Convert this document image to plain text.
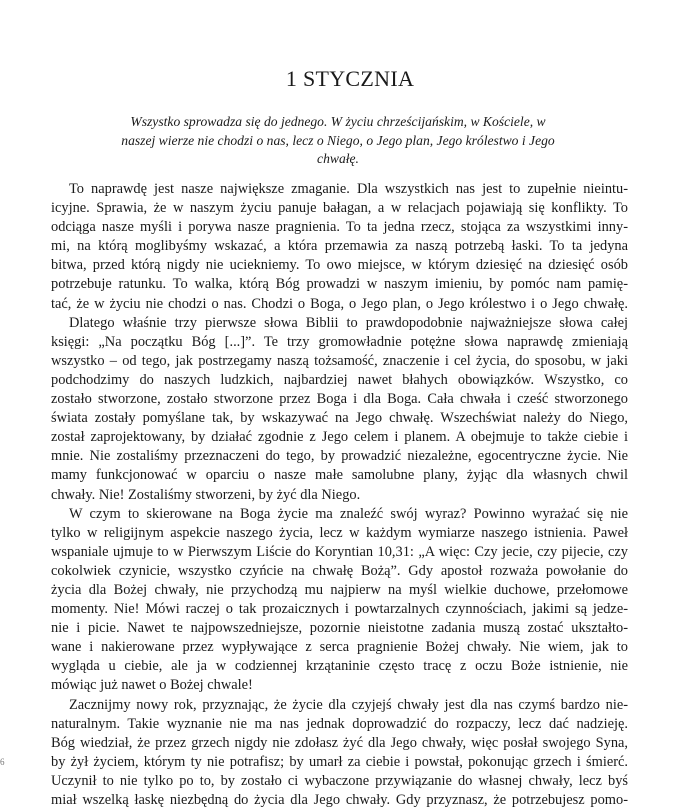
1 STYCZNIA

Wszystko sprowadza się do jednego. W życiu chrześcijańskim, w Kościele, w
naszej wierze nie chodzi o nas, lecz o Niego, o Jego plan, Jego królestwo i Jego
chwałę.

To naprawdę jest nasze największe zmaganie. Dla wszystkich nas jest to zupełnie nieintu-
icyjne. Sprawia, że w naszym życiu panuje bałagan, a w relacjach pojawiają się konflikty. To
odciąga nasze myśli i porywa nasze pragnienia. To ta jedna rzecz, stojąca za wszystkimi inny-
mi, na którą moglibyśmy wskazać, a która przemawia za naszą potrzebą łaski. To ta jedyna
bitwa, przed którą nigdy nie uciekniemy. To owo miejsce, w którym dziesięć na dziesięć osób
potrzebuje ratunku. To walka, którą Bóg prowadzi w naszym imieniu, by pomóc nam pamię-
tać, że w życiu nie chodzi o nas. Chodzi o Boga, o Jego plan, o Jego królestwo i o Jego chwałę.
Dlatego właśnie trzy pierwsze słowa Biblii to prawdopodobnie najważniejsze słowa całej
księgi: „Na początku Bóg [...]”. Te trzy gromowładnie potężne słowa naprawdę zmieniają
wszystko – od tego, jak postrzegamy naszą tożsamość, znaczenie i cel życia, do sposobu, w jaki
podchodzimy do naszych ludzkich, najbardziej nawet błahych obowiązków. Wszystko, co
zostało stworzone, zostało stworzone przez Boga i dla Boga. Cała chwała i cześć stworzonego
świata zostały pomyślane tak, by wskazywać na Jego chwałę. Wszechświat należy do Niego,
został zaprojektowany, by działać zgodnie z Jego celem i planem. A obejmuje to także ciebie i
mnie. Nie zostaliśmy przeznaczeni do tego, by prowadzić niezależne, egocentryczne życie. Nie
mamy funkcjonować w oparciu o nasze małe samolubne plany, żyjąc dla własnych chwil
chwały. Nie! Zostaliśmy stworzeni, by żyć dla Niego.
W czym to skierowane na Boga życie ma znaleźć swój wyraz? Powinno wyrażać się nie
tylko w religijnym aspekcie naszego życia, lecz w każdym wymiarze naszego istnienia. Paweł
wspaniale ujmuje to w Pierwszym Liście do Koryntian 10,31: „A więc: Czy jecie, czy pijecie, czy
cokolwiek czynicie, wszystko czyńcie na chwałę Bożą”. Gdy apostoł rozważa powołanie do
życia dla Bożej chwały, nie przychodzą mu najpierw na myśl wielkie duchowe, przełomowe
momenty. Nie! Mówi raczej o tak prozaicznych i powtarzalnych czynnościach, jakimi są jedze-
nie i picie. Nawet te najpowszedniejsze, pozornie nieistotne zadania muszą zostać ukształto-
wane i nakierowane przez wypływające z serca pragnienie Bożej chwały. Nie wiem, jak to
wygląda u ciebie, ale ja w codziennej krzątaninie często tracę z oczu Boże istnienie, nie
mówiąc już nawet o Bożej chwale!
Zacznijmy nowy rok, przyznając, że życie dla czyjejś chwały jest dla nas czymś bardzo nie-
naturalnym. Takie wyznanie nie ma nas jednak doprowadzić do rozpaczy, lecz dać nadzieję.
Bóg wiedział, że przez grzech nigdy nie zdołasz żyć dla Jego chwały, więc posłał swojego Syna,
by żył życiem, którym ty nie potrafisz; by umarł za ciebie i powstał, pokonując grzech i śmierć.
Uczynił to nie tylko po to, by zostało ci wybaczone przywiązanie do własnej chwały, lecz byś
miał wszelką łaskę niezbędną do życia dla Jego chwały. Gdy przyznasz, że potrzebujesz pomo-
6
